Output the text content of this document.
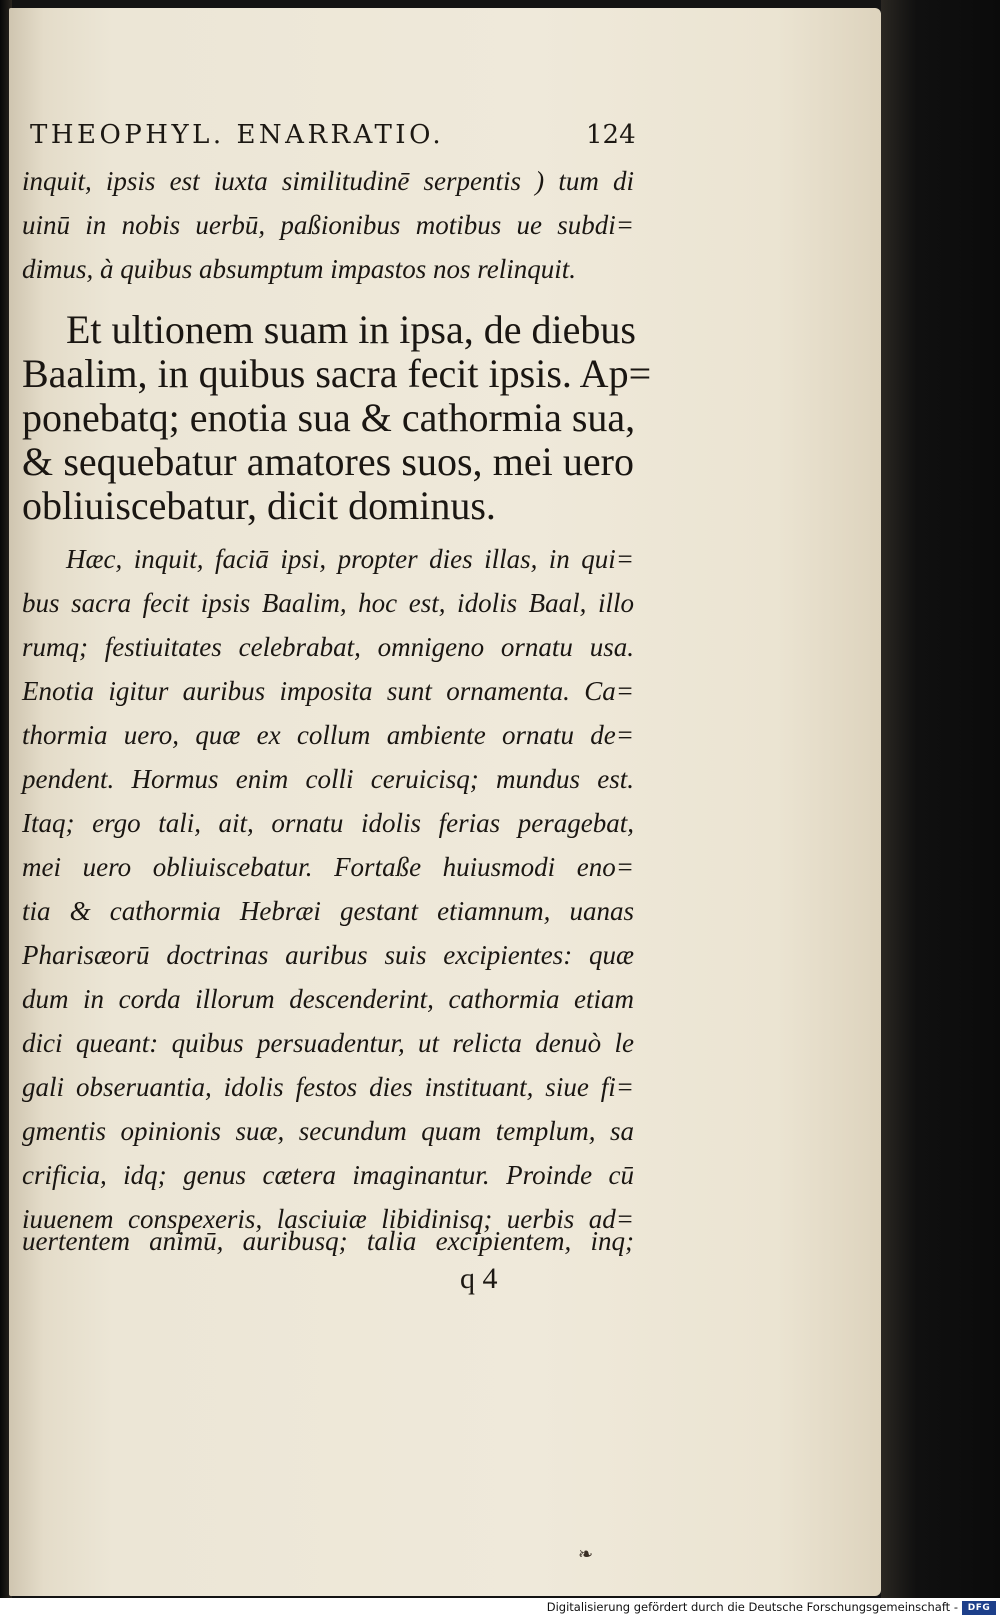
THEOPHYL. ENARRATIO.	124
inquit, ipsis est iuxta similitudinē serpentis ) tum di
uinū in nobis uerbū, paßionibus motibus ue subdi=
dimus, à quibus absumptum impastos nos relinquit.
Et ultionem suam in ipsa, de diebus
Baalim, in quibus sacra fecit ipsis. Ap=
ponebatq; enotia sua & cathormia sua,
& sequebatur amatores suos, mei uero
obliuiscebatur, dicit dominus.
Hæc, inquit, faciā ipsi, propter dies illas, in qui=
bus sacra fecit ipsis Baalim, hoc est, idolis Baal, illo
rumq; festiuitates celebrabat, omnigeno ornatu usa.
Enotia igitur auribus imposita sunt ornamenta. Ca=
thormia uero, quæ ex collum ambiente ornatu de=
pendent. Hormus enim colli ceruicisq; mundus est.
Itaq; ergo tali, ait, ornatu idolis ferias peragebat,
mei uero obliuiscebatur. Fortaße huiusmodi eno=
tia & cathormia Hebræi gestant etiamnum, uanas
Pharisæorū doctrinas auribus suis excipientes: quæ
dum in corda illorum descenderint, cathormia etiam
dici queant: quibus persuadentur, ut relicta denuò le
gali obseruantia, idolis festos dies instituant, siue fi=
gmentis opinionis suæ, secundum quam templum, sa
crificia, idq; genus cætera imaginantur. Proinde cū
iuuenem conspexeris, lasciuiæ libidinisq; uerbis ad=
uertentem animū, auribusq; talia excipientem, inq;
q 4
❧
Digitalisierung gefördert durch die Deutsche Forschungsgemeinschaft -	DFG
